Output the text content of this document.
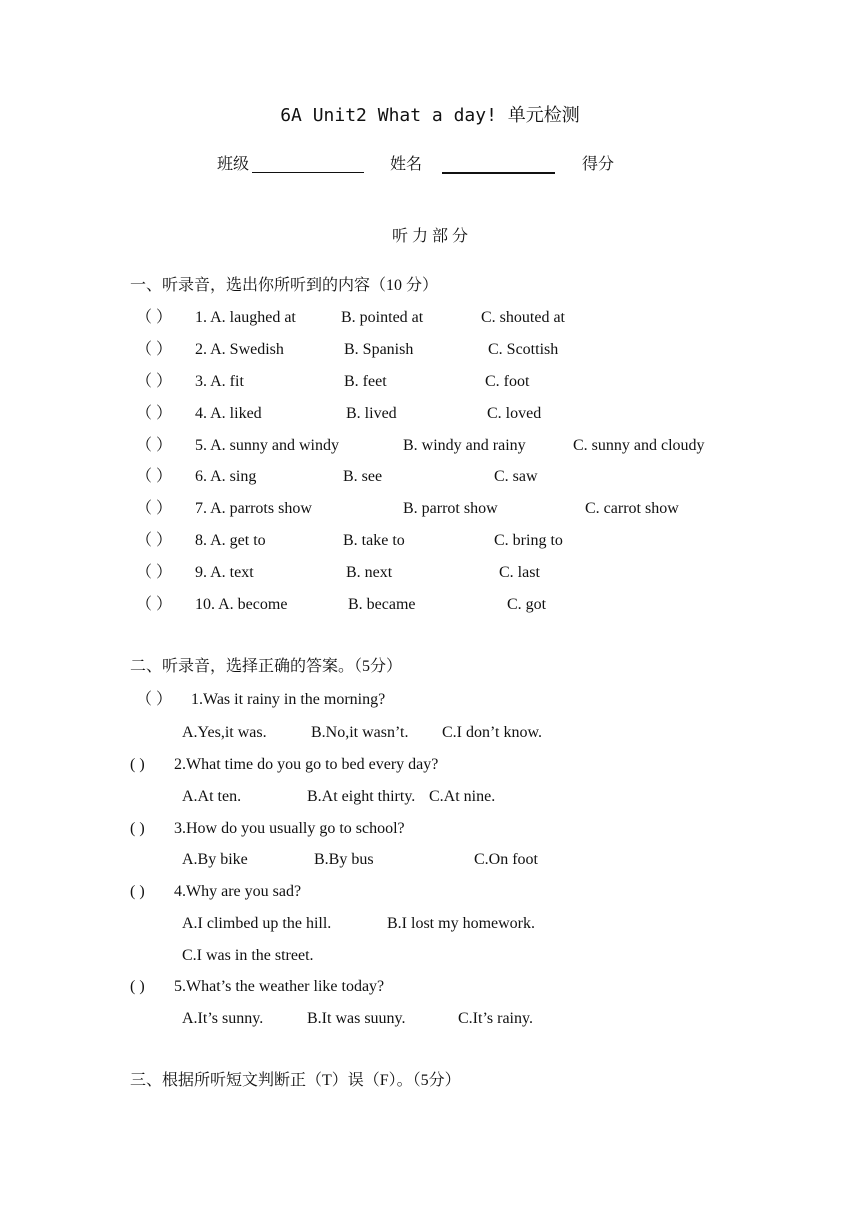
6A Unit2 What a day! 单元检测
班级	姓名	得分
听 力 部 分
一、听录音，选出你所听到的内容（10 分）
（ ） 1. A. laughed at	B. pointed at	C. shouted at
（ ） 2. A. Swedish	B. Spanish	C. Scottish
（ ） 3. A. fit	B. feet	C. foot
（ ） 4. A. liked	B. lived	C. loved
（ ） 5. A. sunny and windy	B. windy and rainy	C. sunny and cloudy
（ ） 6. A. sing	B. see	C. saw
（ ） 7. A. parrots show	B. parrot show	C. carrot show
（ ） 8. A. get to	B. take to	C. bring to
（ ） 9. A. text	B. next	C. last
（ ） 10. A. become	B. became	C. got
二、听录音，选择正确的答案。（5分）
（ ） 1.Was it rainy in the morning?
A.Yes,it was.	B.No,it wasn’t. C.I don’t know.
( ) 2.What time do you go to bed every day?
A.At ten.	B.At eight thirty. C.At nine.
( ) 3.How do you usually go to school?
A.By bike	B.By bus	C.On foot
( ) 4.Why are you sad?
A.I climbed up the hill.	B.I lost my homework.
C.I was in the street.
( ) 5.What’s the weather like today?
A.It’s sunny.	B.It was suuny.	C.It’s rainy.
三、根据所听短文判断正（T）误（F）。（5分）
